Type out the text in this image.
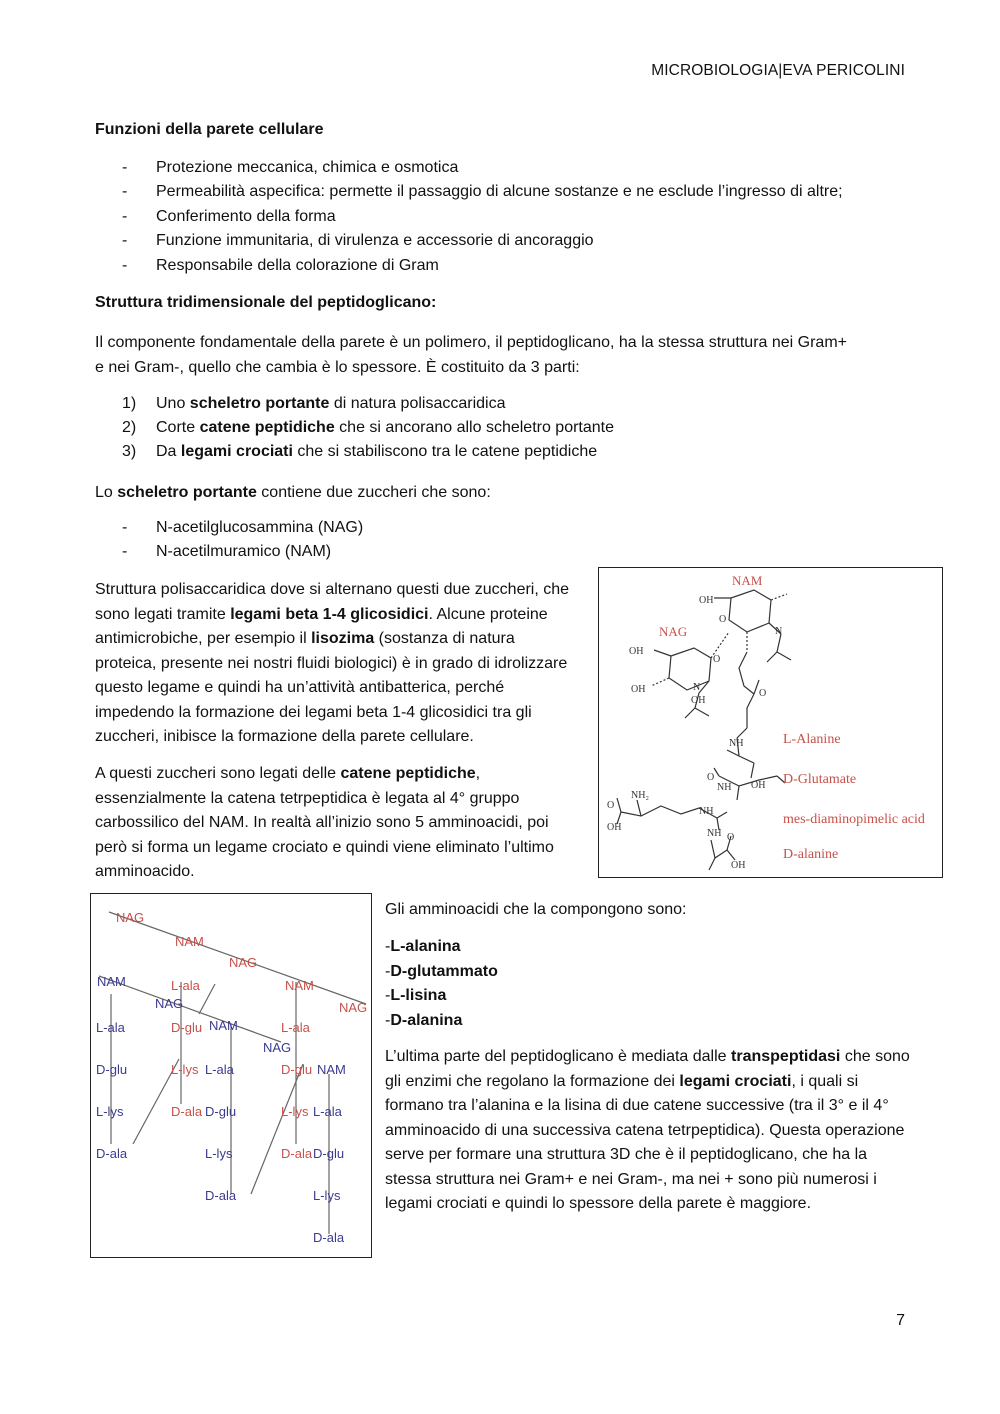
MICROBIOLOGIA|EVA PERICOLINI
Funzioni della parete cellulare
- Protezione meccanica, chimica e osmotica
- Permeabilità aspecifica: permette il passaggio di alcune sostanze e ne esclude l’ingresso di altre;
- Conferimento della forma
- Funzione immunitaria, di virulenza e accessorie di ancoraggio
- Responsabile della colorazione di Gram
Struttura tridimensionale del peptidoglicano:
Il componente fondamentale della parete è un polimero, il peptidoglicano, ha la stessa struttura nei Gram+
e nei Gram-, quello che cambia è lo spessore. È costituito da 3 parti:
1) Uno scheletro portante di natura polisaccaridica
2) Corte catene peptidiche che si ancorano allo scheletro portante
3) Da legami crociati che si stabiliscono tra le catene peptidiche
Lo scheletro portante contiene due zuccheri che sono:
- N-acetilglucosammina (NAG)
- N-acetilmuramico (NAM)
Struttura polisaccaridica dove si alternano questi due zuccheri, che sono legati tramite legami beta 1-4 glicosidici. Alcune proteine antimicrobiche, per esempio il lisozima (sostanza di natura proteica, presente nei nostri fluidi biologici) è in grado di idrolizzare questo legame e quindi ha un’attività antibatterica, perché impedendo la formazione dei legami beta 1-4 glicosidici tra gli zuccheri, inibisce la formazione della parete cellulare.
A questi zuccheri sono legati delle catene peptidiche, essenzialmente la catena tetrpeptidica è legata al 4° gruppo carbossilico del NAM. In realtà all’inizio sono 5 amminoacidi, poi però si forma un legame crociato e quindi viene eliminato l’ultimo amminoacido.
NAM
NAG
OH
OH
OH
OH
OH
OH
OH
NH
NH
NH
NH
NH₂
N
N
O
O
O
O
O
O
L-Alanine
D-Glutamate
mes-diaminopimelic acid
D-alanine
NAG
NAM
NAG
NAM
NAG
NAM
NAG
NAM
NAG
NAM
L-ala
L-ala
L-ala
L-ala
L-ala
D-glu
D-glu
D-glu
D-glu
D-glu
L-lys
L-lys
L-lys
L-lys
L-lys
D-ala
D-ala
D-ala
D-ala
D-ala
Gli amminoacidi che la compongono sono:
-L-alanina
-D-glutammato
-L-lisina
-D-alanina
L’ultima parte del peptidoglicano è mediata dalle transpeptidasi che sono gli enzimi che regolano la formazione dei legami crociati, i quali si formano tra l’alanina e la lisina di due catene successive (tra il 3° e il 4° amminoacido di una successiva catena tetrpeptidica). Questa operazione serve per formare una struttura 3D che è il peptidoglicano, che ha la stessa struttura nei Gram+ e nei Gram-, ma nei + sono più numerosi i legami crociati e quindi lo spessore della parete è maggiore.
7
